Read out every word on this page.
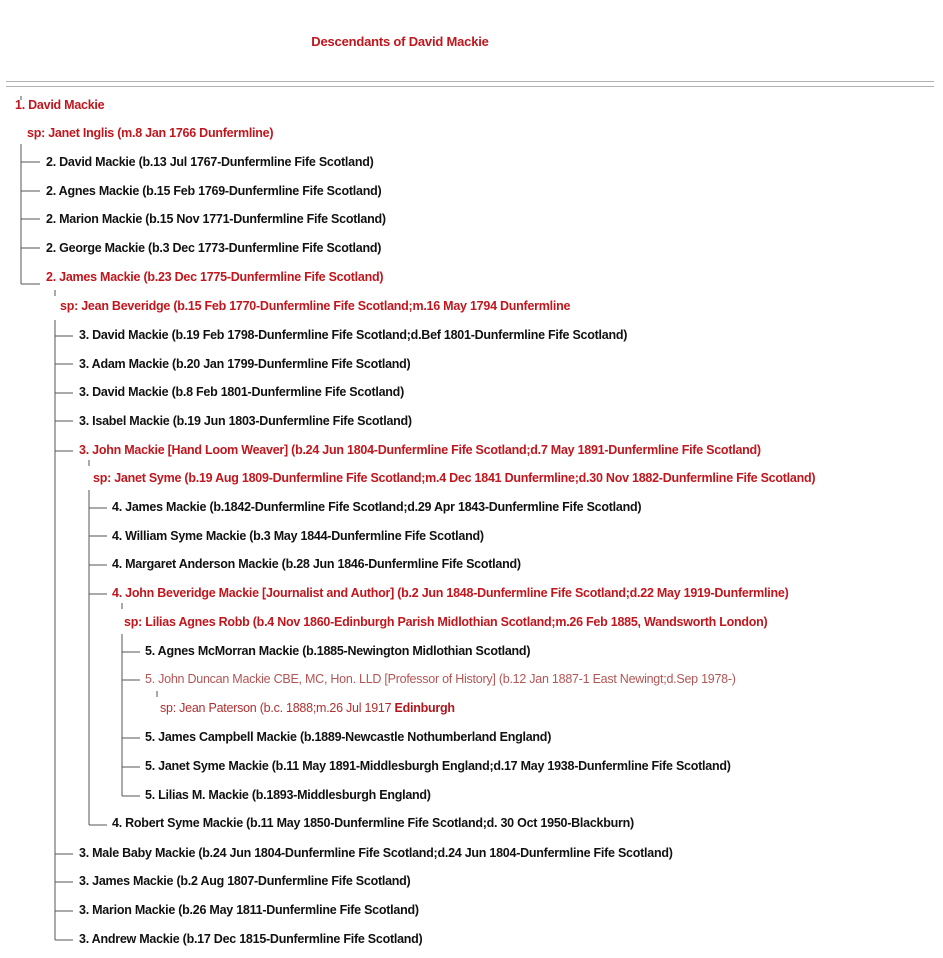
Descendants of David Mackie
1. David Mackie
sp: Janet Inglis (m.8 Jan 1766 Dunfermline)
2. David Mackie (b.13 Jul 1767-Dunfermline Fife Scotland)
2. Agnes Mackie (b.15 Feb 1769-Dunfermline Fife Scotland)
2. Marion Mackie (b.15 Nov 1771-Dunfermline Fife Scotland)
2. George Mackie (b.3 Dec 1773-Dunfermline Fife Scotland)
2. James Mackie (b.23 Dec 1775-Dunfermline Fife Scotland)
sp: Jean Beveridge (b.15 Feb 1770-Dunfermline Fife Scotland;m.16 May 1794 Dunfermline
3. David Mackie (b.19 Feb 1798-Dunfermline Fife Scotland;d.Bef 1801-Dunfermline Fife Scotland)
3. Adam Mackie (b.20 Jan 1799-Dunfermline Fife Scotland)
3. David Mackie (b.8 Feb 1801-Dunfermline Fife Scotland)
3. Isabel Mackie (b.19 Jun 1803-Dunfermline Fife Scotland)
3. John Mackie [Hand Loom Weaver] (b.24 Jun 1804-Dunfermline Fife Scotland;d.7 May 1891-Dunfermline Fife Scotland)
sp: Janet Syme (b.19 Aug 1809-Dunfermline Fife Scotland;m.4 Dec 1841 Dunfermline;d.30 Nov 1882-Dunfermline Fife Scotland)
4. James Mackie (b.1842-Dunfermline Fife Scotland;d.29 Apr 1843-Dunfermline Fife Scotland)
4. William Syme Mackie (b.3 May 1844-Dunfermline Fife Scotland)
4. Margaret Anderson Mackie (b.28 Jun 1846-Dunfermline Fife Scotland)
4. John Beveridge Mackie [Journalist and Author] (b.2 Jun 1848-Dunfermline Fife Scotland;d.22 May 1919-Dunfermline)
sp: Lilias Agnes Robb (b.4 Nov 1860-Edinburgh Parish Midlothian Scotland;m.26 Feb 1885, Wandsworth London)
5. Agnes McMorran Mackie (b.1885-Newington Midlothian Scotland)
5. John Duncan Mackie CBE, MC, Hon. LLD [Professor of History] (b.12 Jan 1887-1 East Newingt;d.Sep 1978-)
sp: Jean Paterson (b.c. 1888;m.26 Jul 1917 Edinburgh
5. James Campbell Mackie (b.1889-Newcastle Nothumberland England)
5. Janet Syme Mackie (b.11 May 1891-Middlesburgh England;d.17 May 1938-Dunfermline Fife Scotland)
5. Lilias M. Mackie (b.1893-Middlesburgh England)
4. Robert Syme Mackie (b.11 May 1850-Dunfermline Fife Scotland;d. 30 Oct 1950-Blackburn)
3. Male Baby Mackie (b.24 Jun 1804-Dunfermline Fife Scotland;d.24 Jun 1804-Dunfermline Fife Scotland)
3. James Mackie (b.2 Aug 1807-Dunfermline Fife Scotland)
3. Marion Mackie (b.26 May 1811-Dunfermline Fife Scotland)
3. Andrew Mackie (b.17 Dec 1815-Dunfermline Fife Scotland)
